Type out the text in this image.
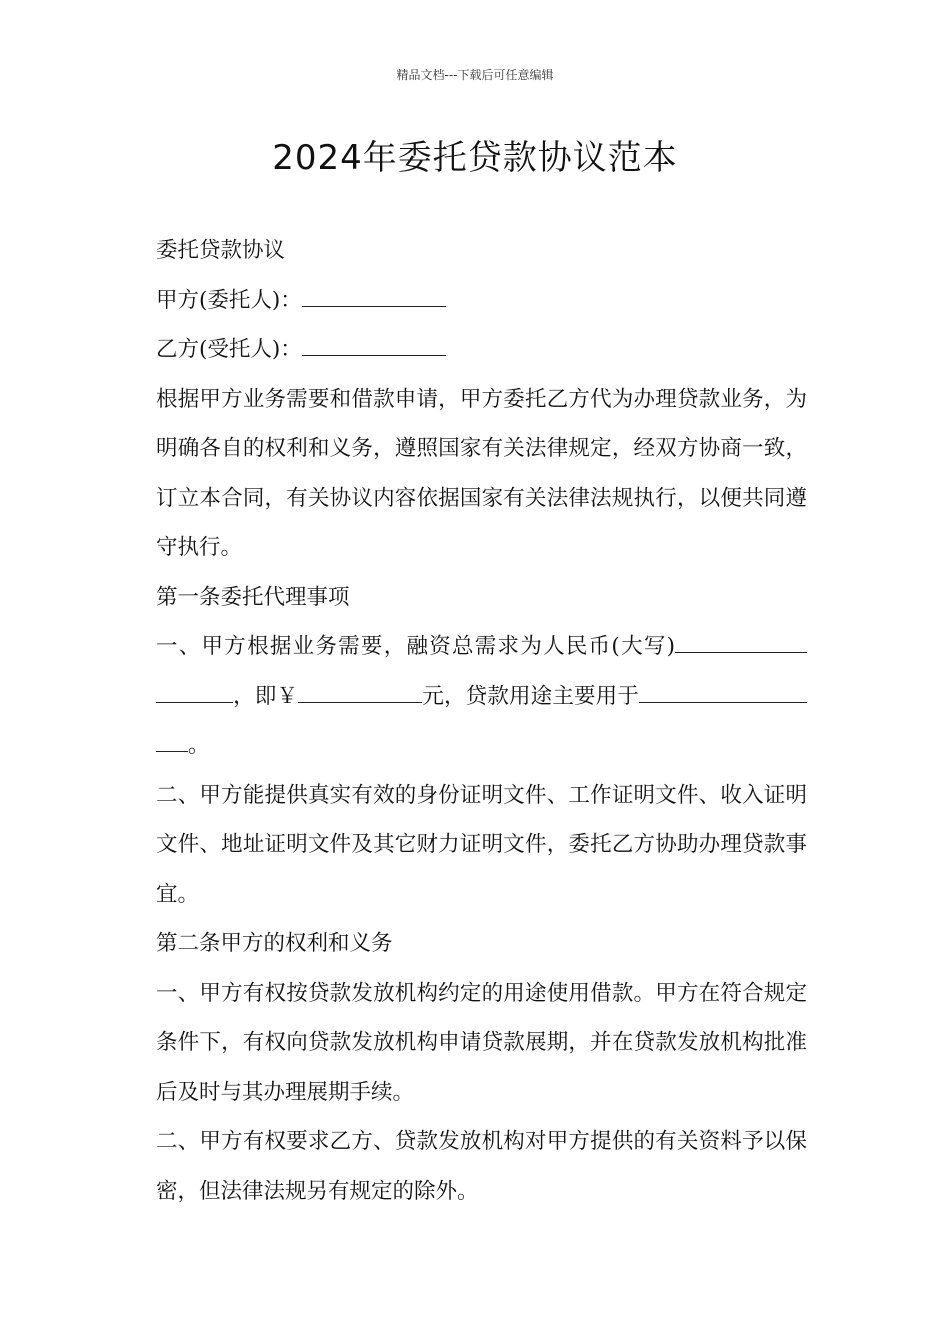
精品文档---下载后可任意编辑
2024年委托贷款协议范本

委托贷款协议

甲方(委托人)：

乙方(受托人)：

根据甲方业务需要和借款申请，甲方委托乙方代为办理贷款业务，为明确各自的权利和义务，遵照国家有关法律规定，经双方协商一致，订立本合同，有关协议内容依据国家有关法律法规执行，以便共同遵守执行。

第一条委托代理事项

一、甲方根据业务需要，融资总需求为人民币(大写)，即￥	元，贷款用途主要用于。

二、甲方能提供真实有效的身份证明文件、工作证明文件、收入证明文件、地址证明文件及其它财力证明文件，委托乙方协助办理贷款事宜。

第二条甲方的权利和义务

一、甲方有权按贷款发放机构约定的用途使用借款。甲方在符合规定条件下，有权向贷款发放机构申请贷款展期，并在贷款发放机构批准后及时与其办理展期手续。

二、甲方有权要求乙方、贷款发放机构对甲方提供的有关资料予以保密，但法律法规另有规定的除外。
